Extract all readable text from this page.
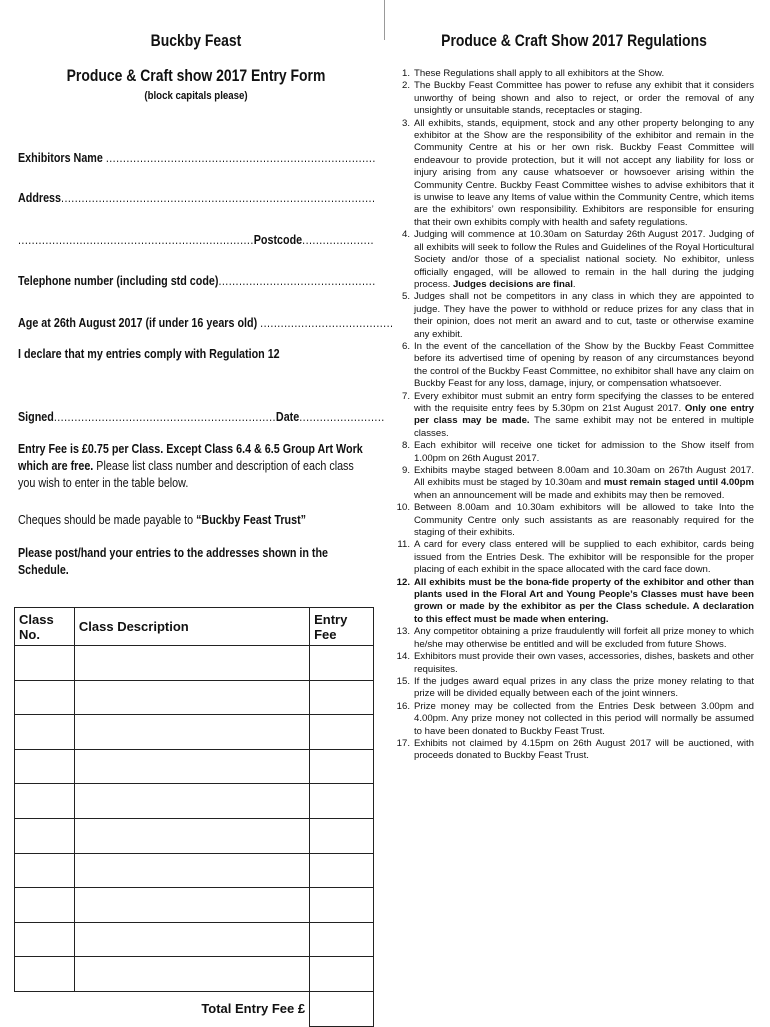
Buckby Feast
Produce & Craft show 2017 Entry Form
(block capitals please)
Exhibitors Name ...............................................................................
Address............................................................................................
.....................................................................Postcode.....................
Telephone number (including std code)..............................................
Age at 26th August 2017 (if under 16 years old) .......................................
I declare that my entries comply with Regulation 12
Signed.................................................................Date.........................
Entry Fee is £0.75 per Class. Except Class 6.4 & 6.5 Group Art Work which are free. Please list class number and description of each class you wish to enter in the table below.
Cheques should be made payable to “Buckby Feast Trust”
Please post/hand your entries to the addresses shown in the Schedule.
Class No.	Class Description	Entry Fee

Total Entry Fee £		
Produce & Craft Show 2017 Regulations
1. These Regulations shall apply to all exhibitors at the Show.
2. The Buckby Feast Committee has power to refuse any exhibit that it considers unworthy of being shown and also to reject, or order the removal of any unsightly or unsuitable stands, receptacles or staging.
3. All exhibits, stands, equipment, stock and any other property belonging to any exhibitor at the Show are the responsibility of the exhibitor and remain in the Community Centre at his or her own risk. Buckby Feast Committee will endeavour to provide protection, but it will not accept any liability for loss or injury arising from any cause whatsoever or howsoever arising within the Community Centre. Buckby Feast Committee wishes to advise exhibitors that it is unwise to leave any Items of value within the Community Centre, which items are the exhibitors’ own responsibility. Exhibitors are responsible for ensuring that their own exhibits comply with health and safety regulations.
4. Judging will commence at 10.30am on Saturday 26th August 2017. Judging of all exhibits will seek to follow the Rules and Guidelines of the Royal Horticultural Society and/or those of a specialist national society. No exhibitor, unless officially engaged, will be allowed to remain in the hall during the judging process. Judges decisions are final.
5. Judges shall not be competitors in any class in which they are appointed to judge. They have the power to withhold or reduce prizes for any class that in their opinion, does not merit an award and to cut, taste or otherwise examine any exhibit.
6. In the event of the cancellation of the Show by the Buckby Feast Committee before its advertised time of opening by reason of any circumstances beyond the control of the Buckby Feast Committee, no exhibitor shall have any claim on Buckby Feast for any loss, damage, injury, or compensation whatsoever.
7. Every exhibitor must submit an entry form specifying the classes to be entered with the requisite entry fees by 5.30pm on 21st August 2017. Only one entry per class may be made. The same exhibit may not be entered in multiple classes.
8. Each exhibitor will receive one ticket for admission to the Show itself from 1.00pm on 26th August 2017.
9. Exhibits maybe staged between 8.00am and 10.30am on 267th August 2017. All exhibits must be staged by 10.30am and must remain staged until 4.00pm when an announcement will be made and exhibits may then be removed.
10. Between 8.00am and 10.30am exhibitors will be allowed to take Into the Community Centre only such assistants as are reasonably required for the staging of their exhibits.
11. A card for every class entered will be supplied to each exhibitor, cards being issued from the Entries Desk. The exhibitor will be responsible for the proper placing of each exhibit in the space allocated with the card face down.
12. All exhibits must be the bona-fide property of the exhibitor and other than plants used in the Floral Art and Young People’s Classes must have been grown or made by the exhibitor as per the Class schedule. A declaration to this effect must be made when entering.
13. Any competitor obtaining a prize fraudulently will forfeit all prize money to which he/she may otherwise be entitled and will be excluded from future Shows.
14. Exhibitors must provide their own vases, accessories, dishes, baskets and other requisites.
15. If the judges award equal prizes in any class the prize money relating to that prize will be divided equally between each of the joint winners.
16. Prize money may be collected from the Entries Desk between 3.00pm and 4.00pm. Any prize money not collected in this period will normally be assumed to have been donated to Buckby Feast Trust.
17. Exhibits not claimed by 4.15pm on 26th August 2017 will be auctioned, with proceeds donated to Buckby Feast Trust.
